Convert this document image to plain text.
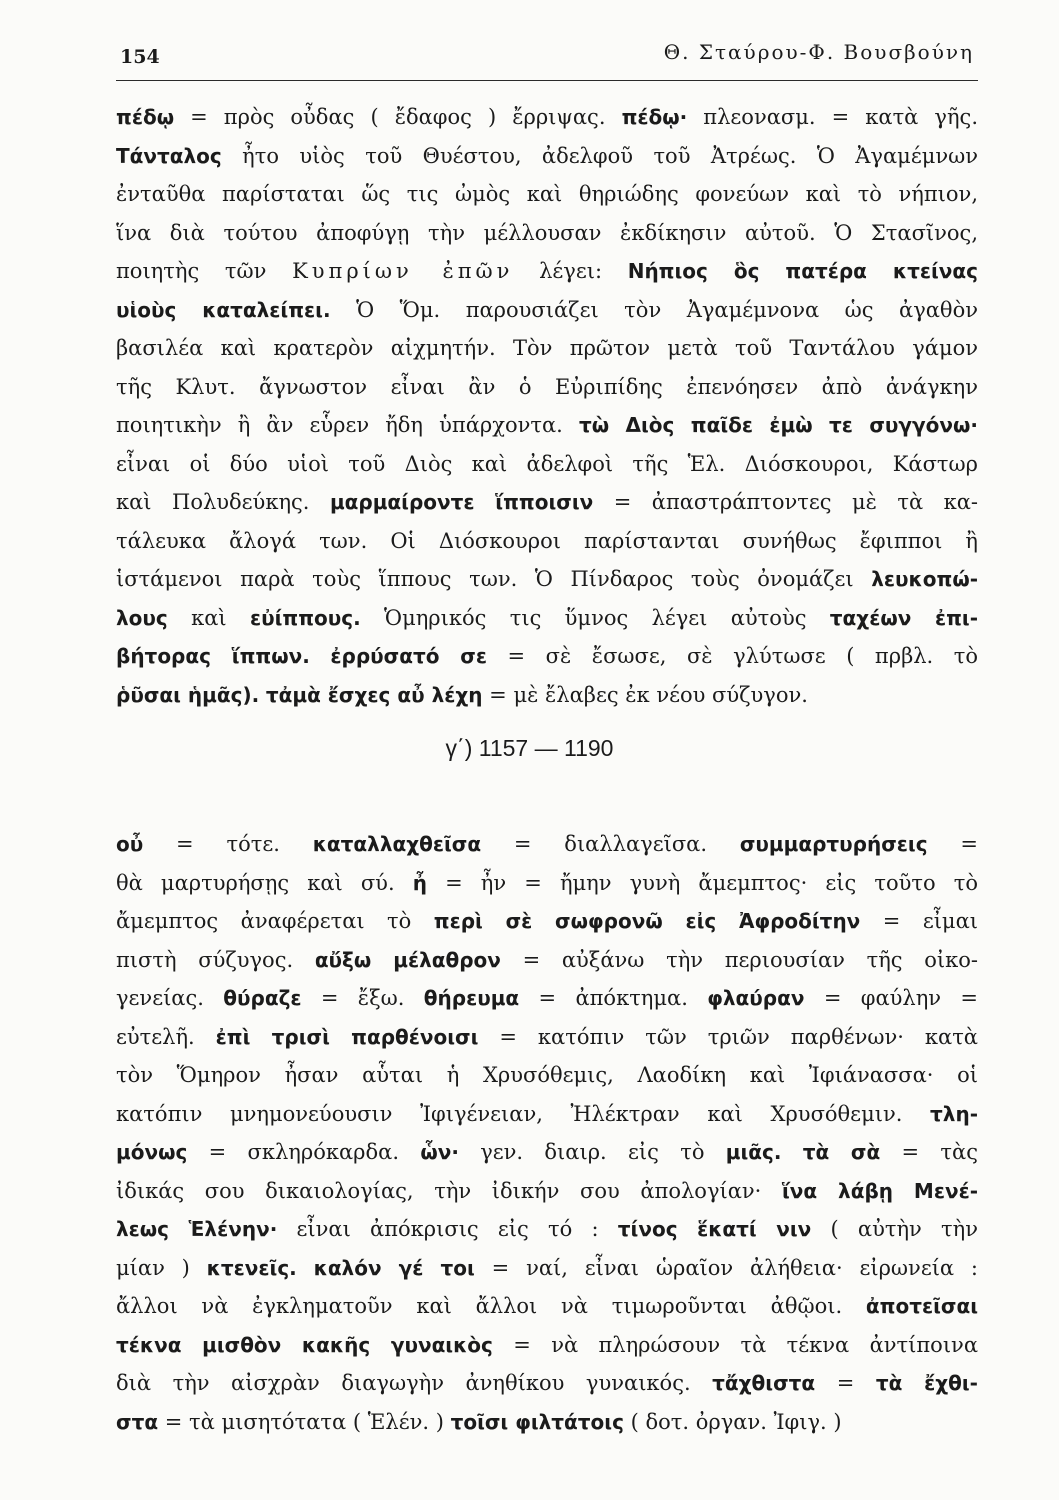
154	Θ. Σταύρου-Φ. Βουσβούνη
πέδῳ = πρὸς οὖδας ( ἔδαφος ) ἔρριψας. πέδῳ· πλεονασμ. = κατὰ γῆς.
Τάνταλος ἦτο υἱὸς τοῦ Θυέστου, ἀδελφοῦ τοῦ Ἀτρέως. Ὁ Ἀγαμέμνων
ἐνταῦθα παρίσταται ὥς τις ὠμὸς καὶ θηριώδης φονεύων καὶ τὸ νήπιον,
ἵνα διὰ τούτου ἀποφύγῃ τὴν μέλλουσαν ἐκδίκησιν αὐτοῦ. Ὁ Στασῖνος,
ποιητὴς τῶν Κυπρίων ἐπῶν λέγει: Νήπιος ὃς πατέρα κτείνας
υἱοὺς καταλείπει. Ὁ Ὅμ. παρουσιάζει τὸν Ἀγαμέμνονα ὡς ἀγαθὸν
βασιλέα καὶ κρατερὸν αἰχμητήν. Τὸν πρῶτον μετὰ τοῦ Ταντάλου γάμον
τῆς Κλυτ. ἄγνωστον εἶναι ἂν ὁ Εὐριπίδης ἐπενόησεν ἀπὸ ἀνάγκην
ποιητικὴν ἢ ἂν εὗρεν ἤδη ὑπάρχοντα. τὼ Διὸς παῖδε ἐμὼ τε συγγόνω·
εἶναι οἱ δύο υἱοὶ τοῦ Διὸς καὶ ἀδελφοὶ τῆς Ἑλ. Διόσκουροι, Κάστωρ
καὶ Πολυδεύκης. μαρμαίροντε ἵπποισιν = ἀπαστράπτοντες μὲ τὰ κα-
τάλευκα ἄλογά των. Οἱ Διόσκουροι παρίστανται συνήθως ἔφιπποι ἢ
ἱστάμενοι παρὰ τοὺς ἵππους των. Ὁ Πίνδαρος τοὺς ὀνομάζει λευκοπώ-
λους καὶ εὐίππους. Ὁμηρικός τις ὕμνος λέγει αὐτοὺς ταχέων ἐπι-
βήτορας ἵππων. ἐρρύσατό σε = σὲ ἔσωσε, σὲ γλύτωσε ( πρβλ. τὸ
ῥῦσαι ἡμᾶς). τἀμὰ ἔσχες αὖ λέχη = μὲ ἔλαβες ἐκ νέου σύζυγον.
γ΄) 1157 — 1190
οὖ = τότε. καταλλαχθεῖσα = διαλλαγεῖσα. συμμαρτυρήσεις =
θὰ μαρτυρήσῃς καὶ σύ. ἦ = ἦν = ἤμην γυνὴ ἄμεμπτος· εἰς τοῦτο τὸ
ἄμεμπτος ἀναφέρεται τὸ περὶ σὲ σωφρονῶ εἰς Ἀφροδίτην = εἶμαι
πιστὴ σύζυγος. αὔξω μέλαθρον = αὐξάνω τὴν περιουσίαν τῆς οἰκο-
γενείας. θύραζε = ἔξω. θήρευμα = ἀπόκτημα. φλαύραν = φαύλην =
εὐτελῆ. ἐπὶ τρισὶ παρθένοισι = κατόπιν τῶν τριῶν παρθένων· κατὰ
τὸν Ὅμηρον ἦσαν αὗται ἡ Χρυσόθεμις, Λαοδίκη καὶ Ἰφιάνασσα· οἱ
κατόπιν μνημονεύουσιν Ἰφιγένειαν, Ἠλέκτραν καὶ Χρυσόθεμιν. τλη-
μόνως = σκληρόκαρδα. ὧν· γεν. διαιρ. εἰς τὸ μιᾶς. τὰ σὰ = τὰς
ἰδικάς σου δικαιολογίας, τὴν ἰδικήν σου ἀπολογίαν· ἵνα λάβῃ Μενέ-
λεως Ἑλένην· εἶναι ἀπόκρισις εἰς τό : τίνος ἕκατί νιν ( αὐτὴν τὴν
μίαν ) κτενεῖς. καλόν γέ τοι = ναί, εἶναι ὡραῖον ἀλήθεια· εἰρωνεία :
ἄλλοι νὰ ἐγκληματοῦν καὶ ἄλλοι νὰ τιμωροῦνται ἀθῷοι. ἀποτεῖσαι
τέκνα μισθὸν κακῆς γυναικὸς = νὰ πληρώσουν τὰ τέκνα ἀντίποινα
διὰ τὴν αἰσχρὰν διαγωγὴν ἀνηθίκου γυναικός. τἄχθιστα = τὰ ἔχθι-
στα = τὰ μισητότατα ( Ἑλέν. ) τοῖσι φιλτάτοις ( δοτ. ὀργαν. Ἰφιγ. )
